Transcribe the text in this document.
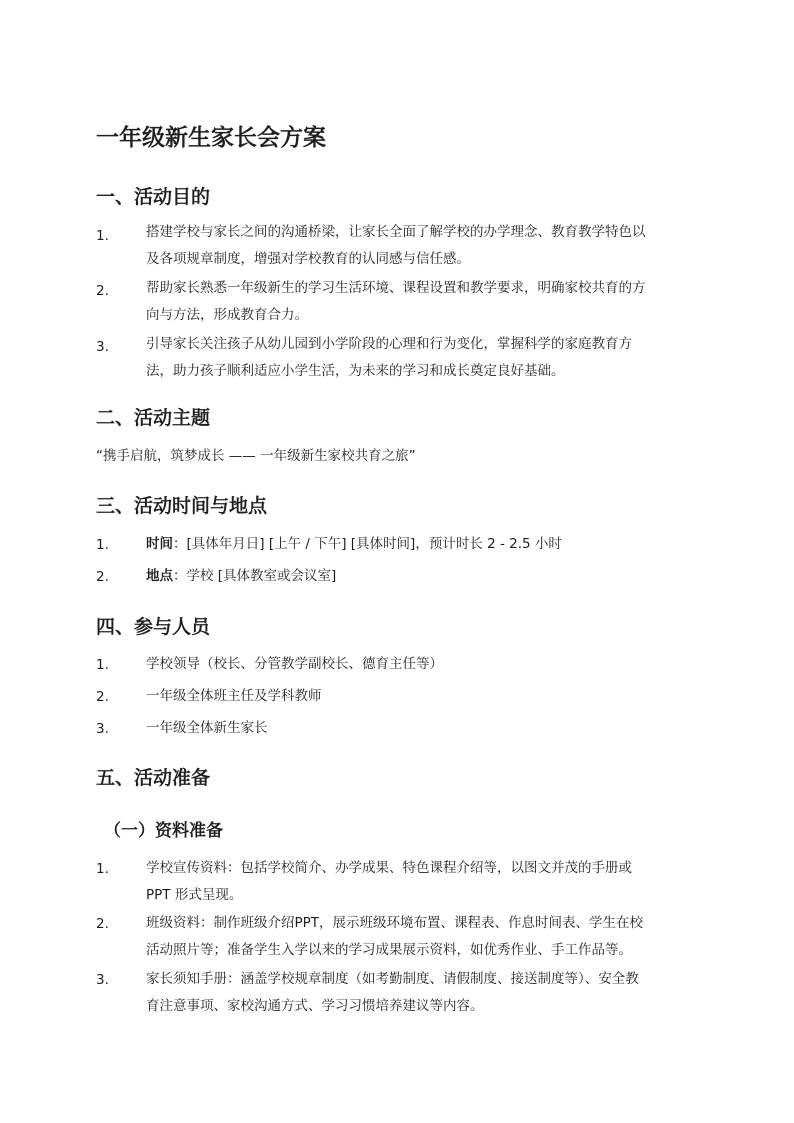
一年级新生家长会方案
一、活动目的
1.	搭建学校与家长之间的沟通桥梁，让家长全面了解学校的办学理念、教育教学特色以
及各项规章制度，增强对学校教育的认同感与信任感。
2.	帮助家长熟悉一年级新生的学习生活环境、课程设置和教学要求，明确家校共育的方
向与方法，形成教育合力。
3.	引导家长关注孩子从幼儿园到小学阶段的心理和行为变化，掌握科学的家庭教育方
法，助力孩子顺利适应小学生活，为未来的学习和成长奠定良好基础。
二、活动主题
“携手启航，筑梦成长 —— 一年级新生家校共育之旅”
三、活动时间与地点
1.	时间：[具体年月日] [上午 / 下午] [具体时间]，预计时长 2 - 2.5 小时
2.	地点：学校 [具体教室或会议室]
四、参与人员
1.	学校领导（校长、分管教学副校长、德育主任等）
2.	一年级全体班主任及学科教师
3.	一年级全体新生家长
五、活动准备
（一）资料准备
1.	学校宣传资料：包括学校简介、办学成果、特色课程介绍等，以图文并茂的手册或
PPT 形式呈现。
2.	班级资料：制作班级介绍PPT，展示班级环境布置、课程表、作息时间表、学生在校
活动照片等；准备学生入学以来的学习成果展示资料，如优秀作业、手工作品等。
3.	家长须知手册：涵盖学校规章制度（如考勤制度、请假制度、接送制度等）、安全教
育注意事项、家校沟通方式、学习习惯培养建议等内容。
